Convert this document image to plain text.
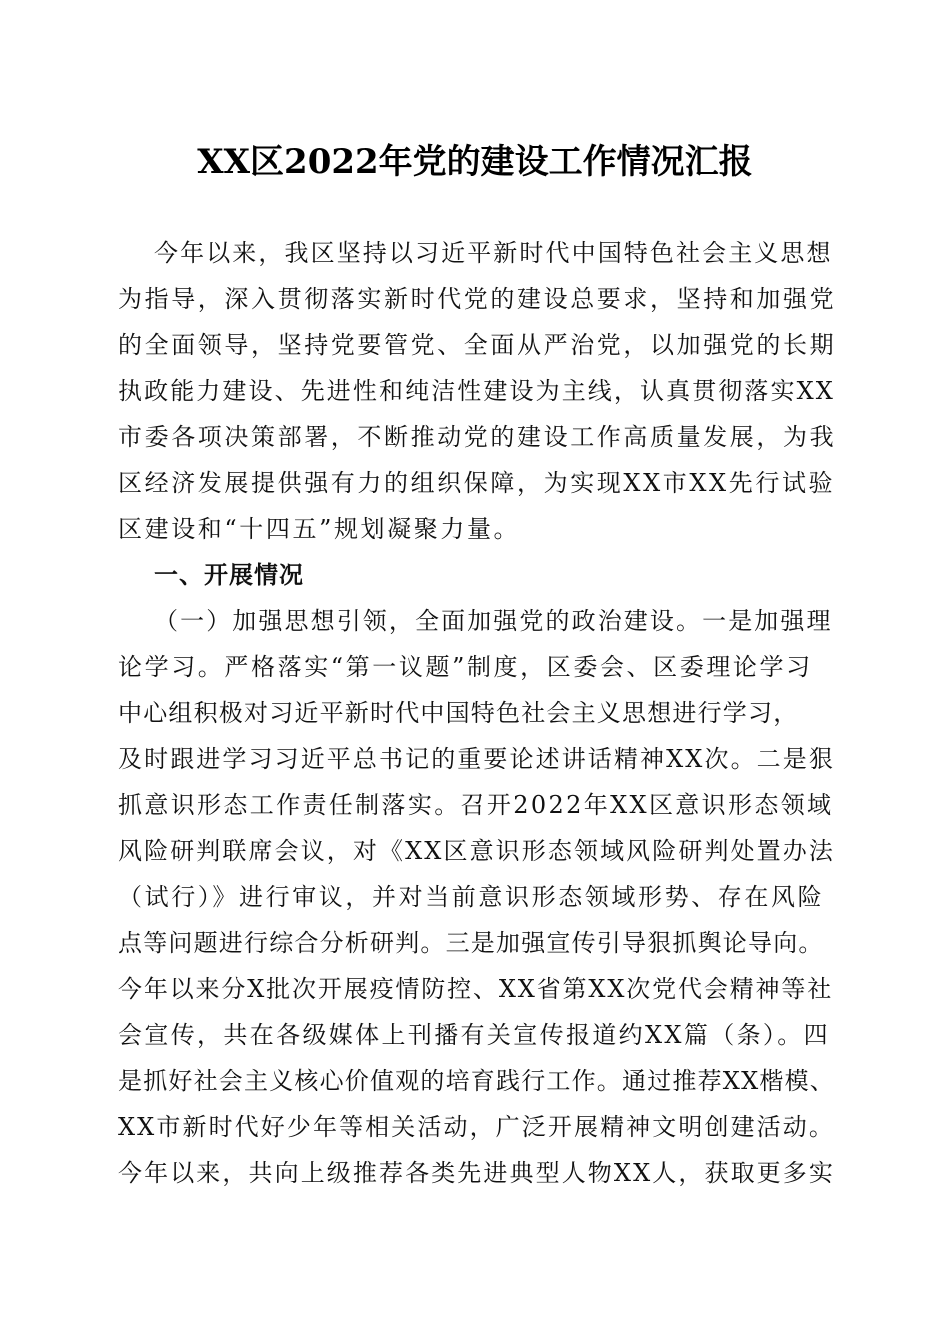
XX区2022年党的建设工作情况汇报
今年以来，我区坚持以习近平新时代中国特色社会主义思想
为指导，深入贯彻落实新时代党的建设总要求，坚持和加强党
的全面领导，坚持党要管党、全面从严治党，以加强党的长期
执政能力建设、先进性和纯洁性建设为主线，认真贯彻落实XX
市委各项决策部署，不断推动党的建设工作高质量发展，为我
区经济发展提供强有力的组织保障，为实现XX市XX先行试验
区建设和“十四五”规划凝聚力量。
一、开展情况
（一）加强思想引领，全面加强党的政治建设。一是加强理
论学习。严格落实“第一议题”制度，区委会、区委理论学习
中心组积极对习近平新时代中国特色社会主义思想进行学习，
及时跟进学习习近平总书记的重要论述讲话精神XX次。二是狠
抓意识形态工作责任制落实。召开2022年XX区意识形态领域
风险研判联席会议，对《XX区意识形态领域风险研判处置办法
（试行）》进行审议，并对当前意识形态领域形势、存在风险
点等问题进行综合分析研判。三是加强宣传引导狠抓舆论导向。
今年以来分X批次开展疫情防控、XX省第XX次党代会精神等社
会宣传，共在各级媒体上刊播有关宣传报道约XX篇（条）。四
是抓好社会主义核心价值观的培育践行工作。通过推荐XX楷模、
XX市新时代好少年等相关活动，广泛开展精神文明创建活动。
今年以来，共向上级推荐各类先进典型人物XX人，获取更多实
